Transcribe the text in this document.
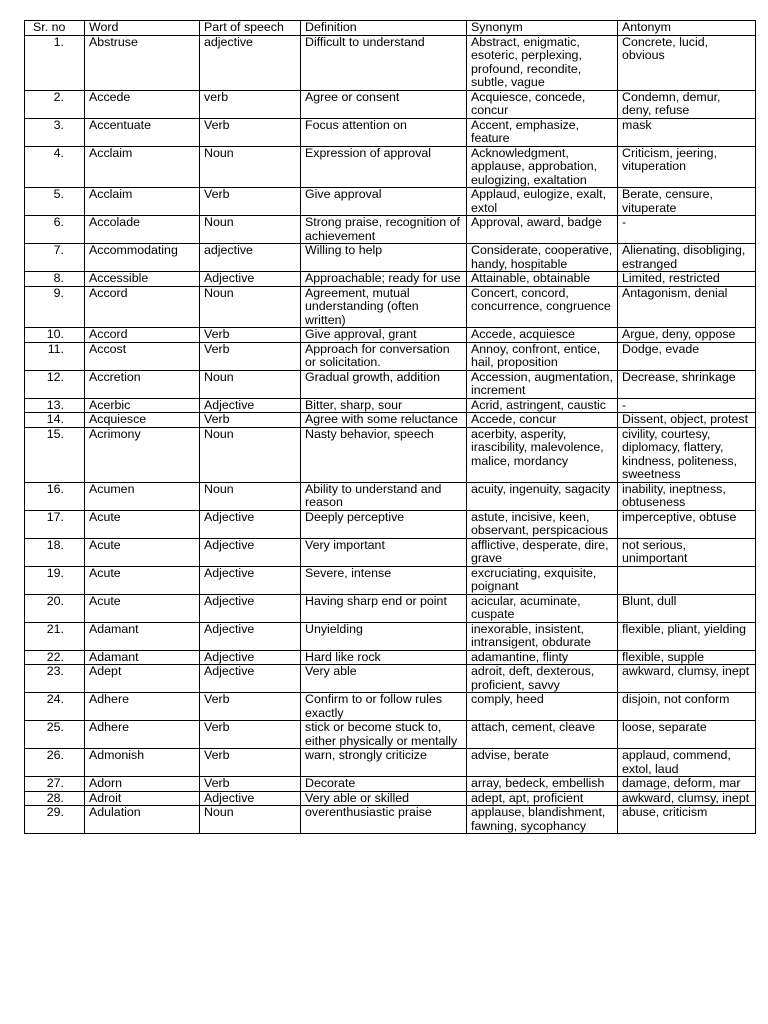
Sr. no	Word	Part of speech	Definition	Synonym	Antonym
1.	Abstruse	adjective	Difficult to understand	Abstract, enigmatic, esoteric, perplexing, profound, recondite, subtle, vague	Concrete, lucid, obvious
2.	Accede	verb	Agree or consent	Acquiesce, concede, concur	Condemn, demur, deny, refuse
3.	Accentuate	Verb	Focus attention on	Accent, emphasize, feature	mask
4.	Acclaim	Noun	Expression of approval	Acknowledgment, applause, approbation, eulogizing, exaltation	Criticism, jeering, vituperation
5.	Acclaim	Verb	Give approval	Applaud, eulogize, exalt, extol	Berate, censure, vituperate
6.	Accolade	Noun	Strong praise, recognition of achievement	Approval, award, badge	-
7.	Accommodating	adjective	Willing to help	Considerate, cooperative, handy, hospitable	Alienating, disobliging, estranged
8.	Accessible	Adjective	Approachable; ready for use	Attainable, obtainable	Limited, restricted
9.	Accord	Noun	Agreement, mutual understanding (often written)	Concert, concord, concurrence, congruence	Antagonism, denial
10.	Accord	Verb	Give approval, grant	Accede, acquiesce	Argue, deny, oppose
11.	Accost	Verb	Approach for conversation or solicitation.	Annoy, confront, entice, hail, proposition	Dodge, evade
12.	Accretion	Noun	Gradual growth, addition	Accession, augmentation, increment	Decrease, shrinkage
13.	Acerbic	Adjective	Bitter, sharp, sour	Acrid, astringent, caustic	-
14.	Acquiesce	Verb	Agree with some reluctance	Accede, concur	Dissent, object, protest
15.	Acrimony	Noun	Nasty behavior, speech	acerbity, asperity, irascibility, malevolence, malice, mordancy	civility, courtesy, diplomacy, flattery, kindness, politeness, sweetness
16.	Acumen	Noun	Ability to understand and reason	acuity, ingenuity, sagacity	inability, ineptness, obtuseness
17.	Acute	Adjective	Deeply perceptive	astute, incisive, keen, observant, perspicacious	imperceptive, obtuse
18.	Acute	Adjective	Very important	afflictive, desperate, dire, grave	not serious, unimportant
19.	Acute	Adjective	Severe, intense	excruciating, exquisite, poignant	
20.	Acute	Adjective	Having sharp end or point	acicular, acuminate, cuspate	Blunt, dull
21.	Adamant	Adjective	Unyielding	inexorable, insistent, intransigent, obdurate	flexible, pliant, yielding
22.	Adamant	Adjective	Hard like rock	adamantine, flinty	flexible, supple
23.	Adept	Adjective	Very able	adroit, deft, dexterous, proficient, savvy	awkward, clumsy, inept
24.	Adhere	Verb	Confirm to or follow rules exactly	comply, heed	disjoin, not conform
25.	Adhere	Verb	stick or become stuck to, either physically or mentally	attach, cement, cleave	loose, separate
26.	Admonish	Verb	warn, strongly criticize	advise, berate	applaud, commend, extol, laud
27.	Adorn	Verb	Decorate	array, bedeck, embellish	damage, deform, mar
28.	Adroit	Adjective	Very able or skilled	adept, apt, proficient	awkward, clumsy, inept
29.	Adulation	Noun	overenthusiastic praise	applause, blandishment, fawning, sycophancy	abuse, criticism
